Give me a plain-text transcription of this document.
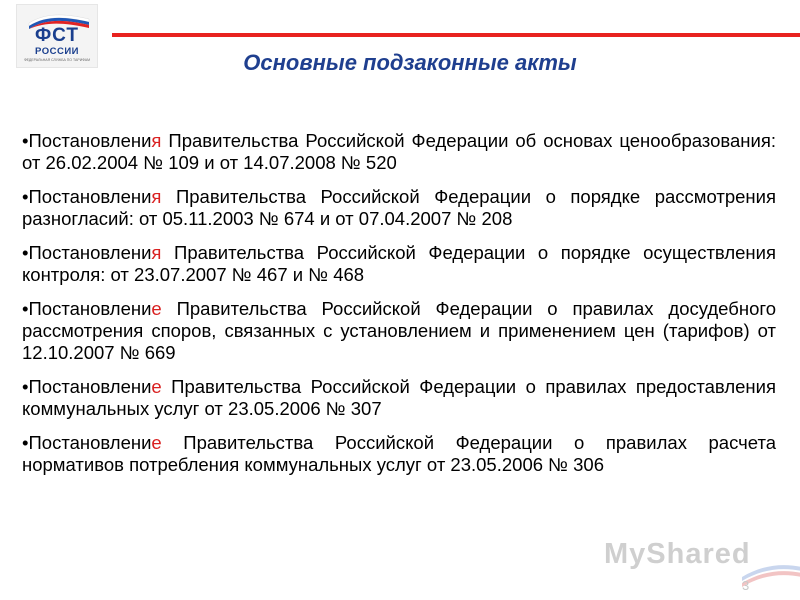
ФСТ
РОССИИ
ФЕДЕРАЛЬНАЯ СЛУЖБА ПО ТАРИФАМ	Основные подзаконные акты

•Постановления Правительства Российской Федерации об основах ценообразования: от 26.02.2004 № 109 и от 14.07.2008 № 520

•Постановления Правительства Российской Федерации о порядке рассмотрения разногласий: от 05.11.2003 № 674 и от 07.04.2007 № 208

•Постановления Правительства Российской Федерации о порядке осуществления контроля: от 23.07.2007 № 467 и № 468

•Постановление Правительства Российской Федерации о правилах досудебного рассмотрения споров, связанных с установлением и применением цен (тарифов) от 12.10.2007 № 669

•Постановление Правительства Российской Федерации о правилах предоставления коммунальных услуг от 23.05.2006 № 307

•Постановление Правительства Российской Федерации о правилах расчета нормативов потребления коммунальных услуг от 23.05.2006 № 306

MyShared
3
